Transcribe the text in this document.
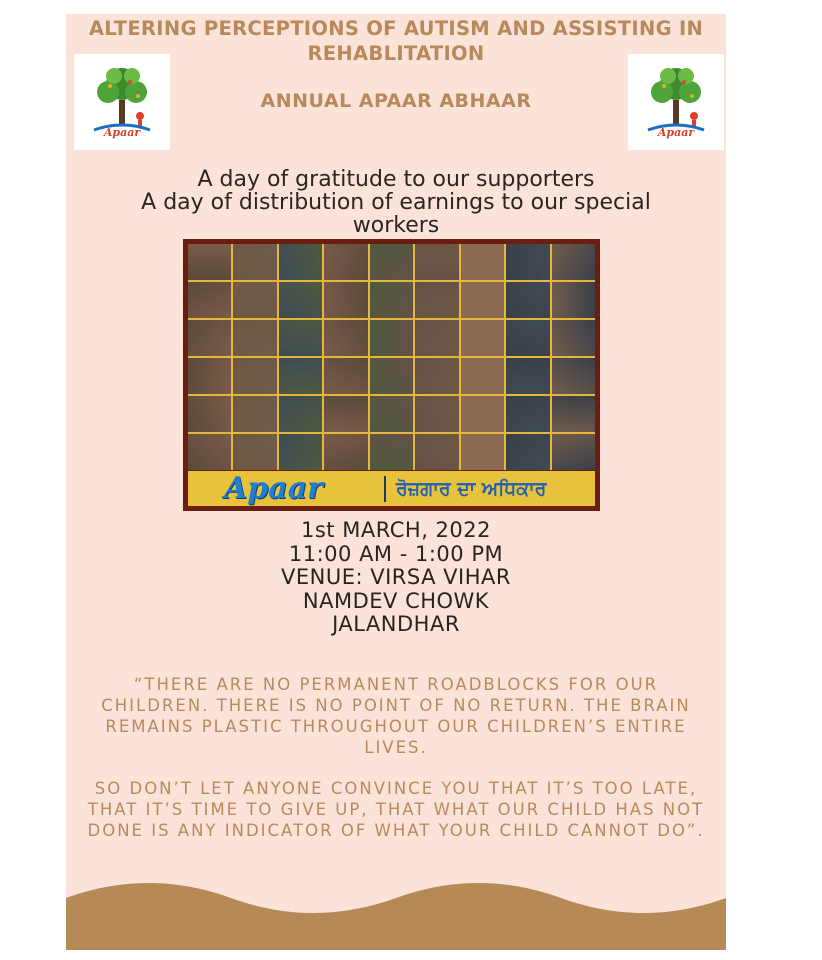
ALTERING PERCEPTIONS OF AUTISM AND ASSISTING IN REHABLITATION
Apaar	Apaar
ANNUAL APAAR ABHAAR
A day of gratitude to our supporters
A day of distribution of earnings to our special
workers
Apaar	ਰੋਜ਼ਗਾਰ ਦਾ ਅਧਿਕਾਰ
1st MARCH, 2022
11:00 AM - 1:00 PM
VENUE: VIRSA VIHAR
NAMDEV CHOWK
JALANDHAR

“THERE ARE NO PERMANENT ROADBLOCKS FOR OUR CHILDREN. THERE IS NO POINT OF NO RETURN. THE BRAIN REMAINS PLASTIC THROUGHOUT OUR CHILDREN’S ENTIRE LIVES.

SO DON’T LET ANYONE CONVINCE YOU THAT IT’S TOO LATE, THAT IT’S TIME TO GIVE UP, THAT WHAT OUR CHILD HAS NOT DONE IS ANY INDICATOR OF WHAT YOUR CHILD CANNOT DO”.
